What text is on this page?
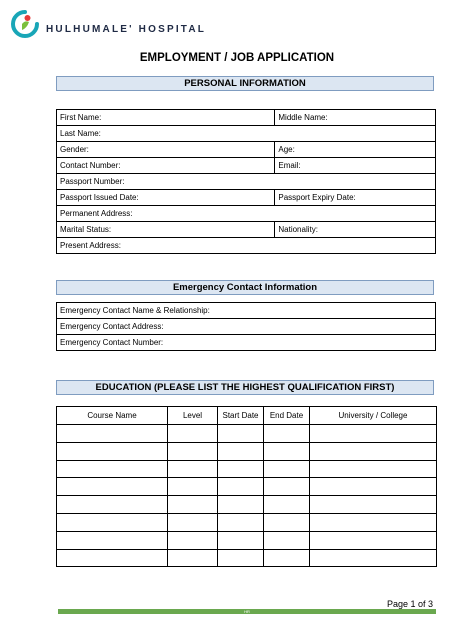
HULHUMALE' HOSPITAL
EMPLOYMENT / JOB APPLICATION
PERSONAL INFORMATION
First Name:	Middle Name:
Last Name:	
Gender:	Age:
Contact Number:	Email:
Passport Number:	
Passport Issued Date:	Passport Expiry Date:
Permanent Address:	
Marital Status:	Nationality:
Present Address:	
Emergency Contact Information
Emergency Contact Name & Relationship:
Emergency Contact Address:
Emergency Contact Number:
EDUCATION (PLEASE LIST THE HIGHEST QUALIFICATION FIRST)
Course Name	Level	Start Date	End Date	University / College

Page 1 of 3
HR
